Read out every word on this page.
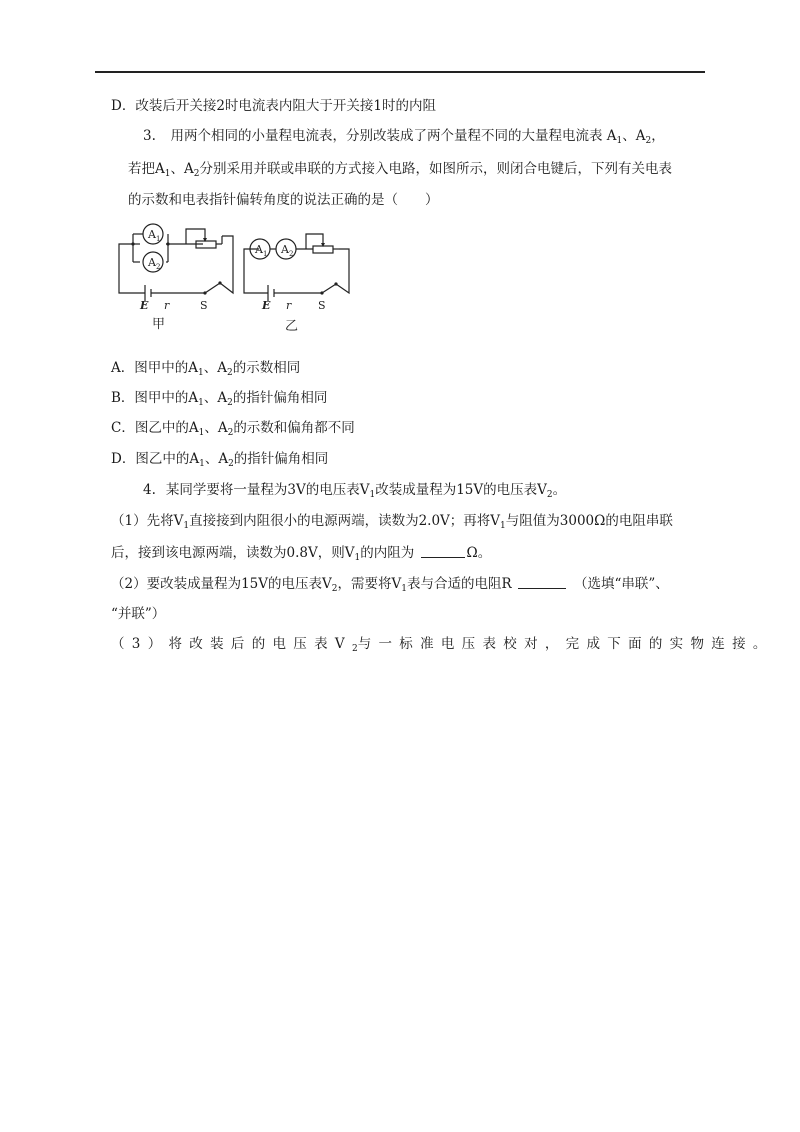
D．改装后开关接2时电流表内阻大于开关接1时的内阻
3. 用两个相同的小量程电流表，分别改装成了两个量程不同的大量程电流表 $A_1$、$A_2$，
若把$A_1$、$A_2$分别采用并联或串联的方式接入电路，如图所示，则闭合电键后，下列有关电表
的示数和电表指针偏转角度的说法正确的是（　　）
$A_1$
$A_2$
$A_1$ $A_2$
E r	S	E r S
甲	乙
A．图甲中的$A_1$、$A_2$的示数相同
B．图甲中的$A_1$、$A_2$的指针偏角相同
C．图乙中的$A_1$、$A_2$的示数和偏角都不同
D．图乙中的$A_1$、$A_2$的指针偏角相同
4. 某同学要将一量程为3V的电压表$V_1$改装成量程为15V的电压表$V_2$。
（1）先将$V_1$直接接到内阻很小的电源两端，读数为2.0V；再将$V_1$与阻值为3000Ω的电阻串联
后，接到该电源两端，读数为0.8V，则$V_1$的内阻为	Ω。
（2）要改装成量程为15V的电压表$V_2$，需要将$V_1$表与合适的电阻R	（选填“串联”、
“并联”）
（3）将改装后的电压表$V_2$与一标准电压表校对，完成下面的实物连接。
